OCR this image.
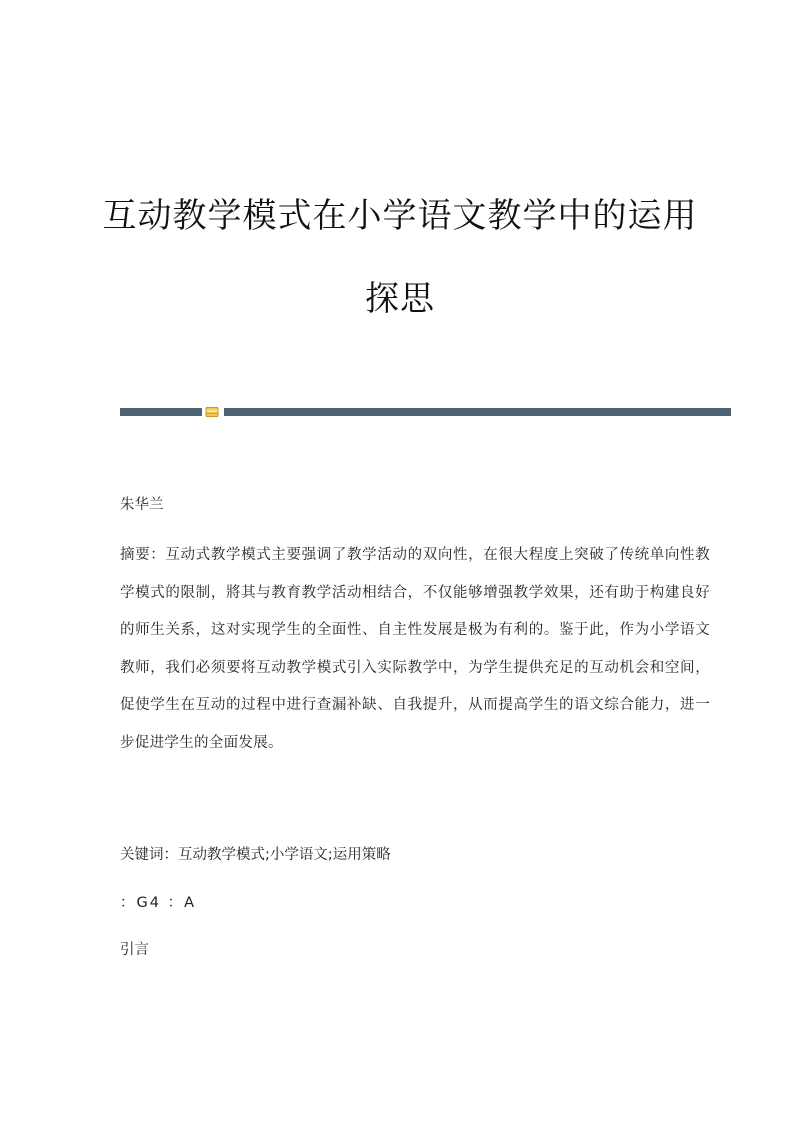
互动教学模式在小学语文教学中的运用
探思

朱华兰

摘要：互动式教学模式主要强调了教学活动的双向性，在很大程度上突破了传统单向性教学模式的限制，將其与教育教学活动相结合，不仅能够增强教学效果，还有助于构建良好的师生关系，这对实现学生的全面性、自主性发展是极为有利的。鉴于此，作为小学语文教师，我们必须要将互动教学模式引入实际教学中，为学生提供充足的互动机会和空间，促使学生在互动的过程中进行查漏补缺、自我提升，从而提高学生的语文综合能力，进一步促进学生的全面发展。

关键词：互动教学模式;小学语文;运用策略

：G4 ：A

引言
